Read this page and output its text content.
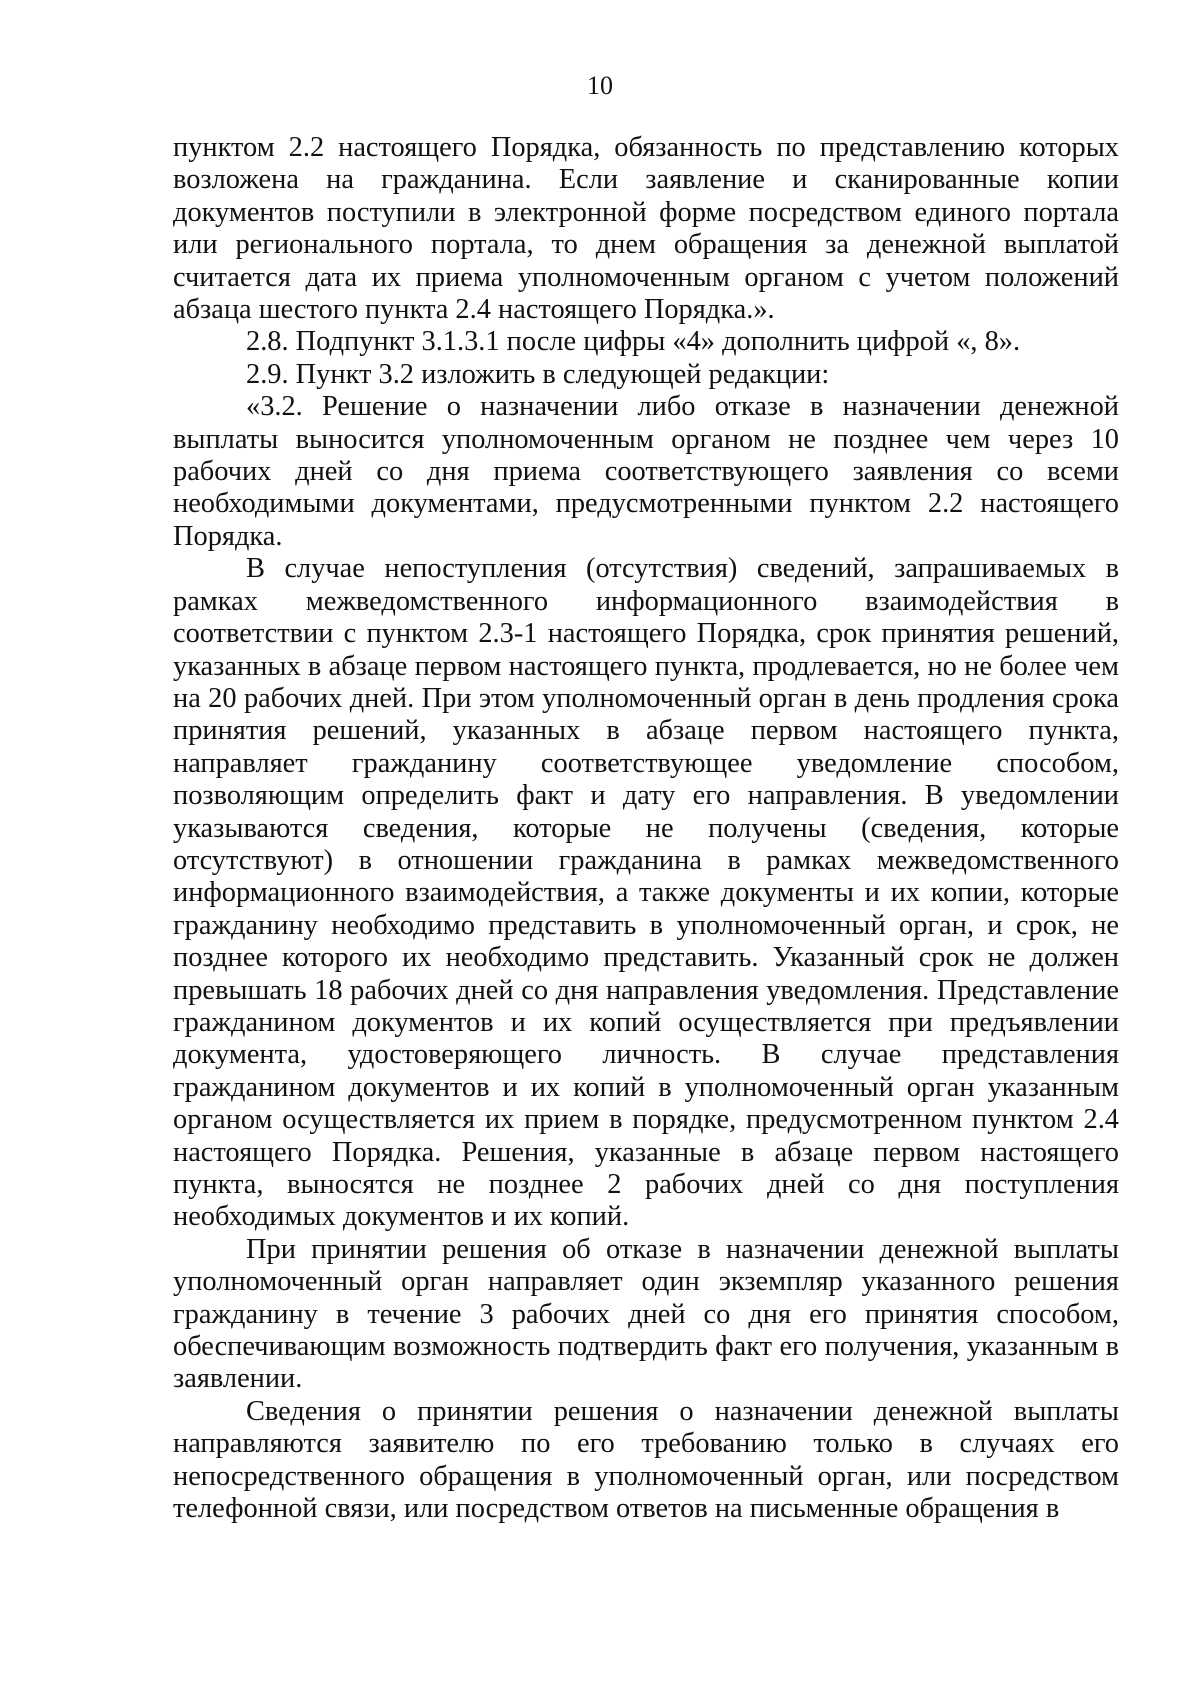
10

пунктом 2.2 настоящего Порядка, обязанность по представлению которых возложена на гражданина. Если заявление и сканированные копии документов поступили в электронной форме посредством единого портала или регионального портала, то днем обращения за денежной выплатой считается дата их приема уполномоченным органом с учетом положений абзаца шестого пункта 2.4 настоящего Порядка.».

2.8. Подпункт 3.1.3.1 после цифры «4» дополнить цифрой «, 8».

2.9. Пункт 3.2 изложить в следующей редакции:

«3.2. Решение о назначении либо отказе в назначении денежной выплаты выносится уполномоченным органом не позднее чем через 10 рабочих дней со дня приема соответствующего заявления со всеми необходимыми документами, предусмотренными пунктом 2.2 настоящего Порядка.

В случае непоступления (отсутствия) сведений, запрашиваемых в рамках межведомственного информационного взаимодействия в соответствии с пунктом 2.3-1 настоящего Порядка, срок принятия решений, указанных в абзаце первом настоящего пункта, продлевается, но не более чем на 20 рабочих дней. При этом уполномоченный орган в день продления срока принятия решений, указанных в абзаце первом настоящего пункта, направляет гражданину соответствующее уведомление способом, позволяющим определить факт и дату его направления. В уведомлении указываются сведения, которые не получены (сведения, которые отсутствуют) в отношении гражданина в рамках межведомственного информационного взаимодействия, а также документы и их копии, которые гражданину необходимо представить в уполномоченный орган, и срок, не позднее которого их необходимо представить. Указанный срок не должен превышать 18 рабочих дней со дня направления уведомления. Представление гражданином документов и их копий осуществляется при предъявлении документа, удостоверяющего личность. В случае представления гражданином документов и их копий в уполномоченный орган указанным органом осуществляется их прием в порядке, предусмотренном пунктом 2.4 настоящего Порядка. Решения, указанные в абзаце первом настоящего пункта, выносятся не позднее 2 рабочих дней со дня поступления необходимых документов и их копий.

При принятии решения об отказе в назначении денежной выплаты уполномоченный орган направляет один экземпляр указанного решения гражданину в течение 3 рабочих дней со дня его принятия способом, обеспечивающим возможность подтвердить факт его получения, указанным в заявлении.

Сведения о принятии решения о назначении денежной выплаты направляются заявителю по его требованию только в случаях его непосредственного обращения в уполномоченный орган, или посредством телефонной связи, или посредством ответов на письменные обращения в
